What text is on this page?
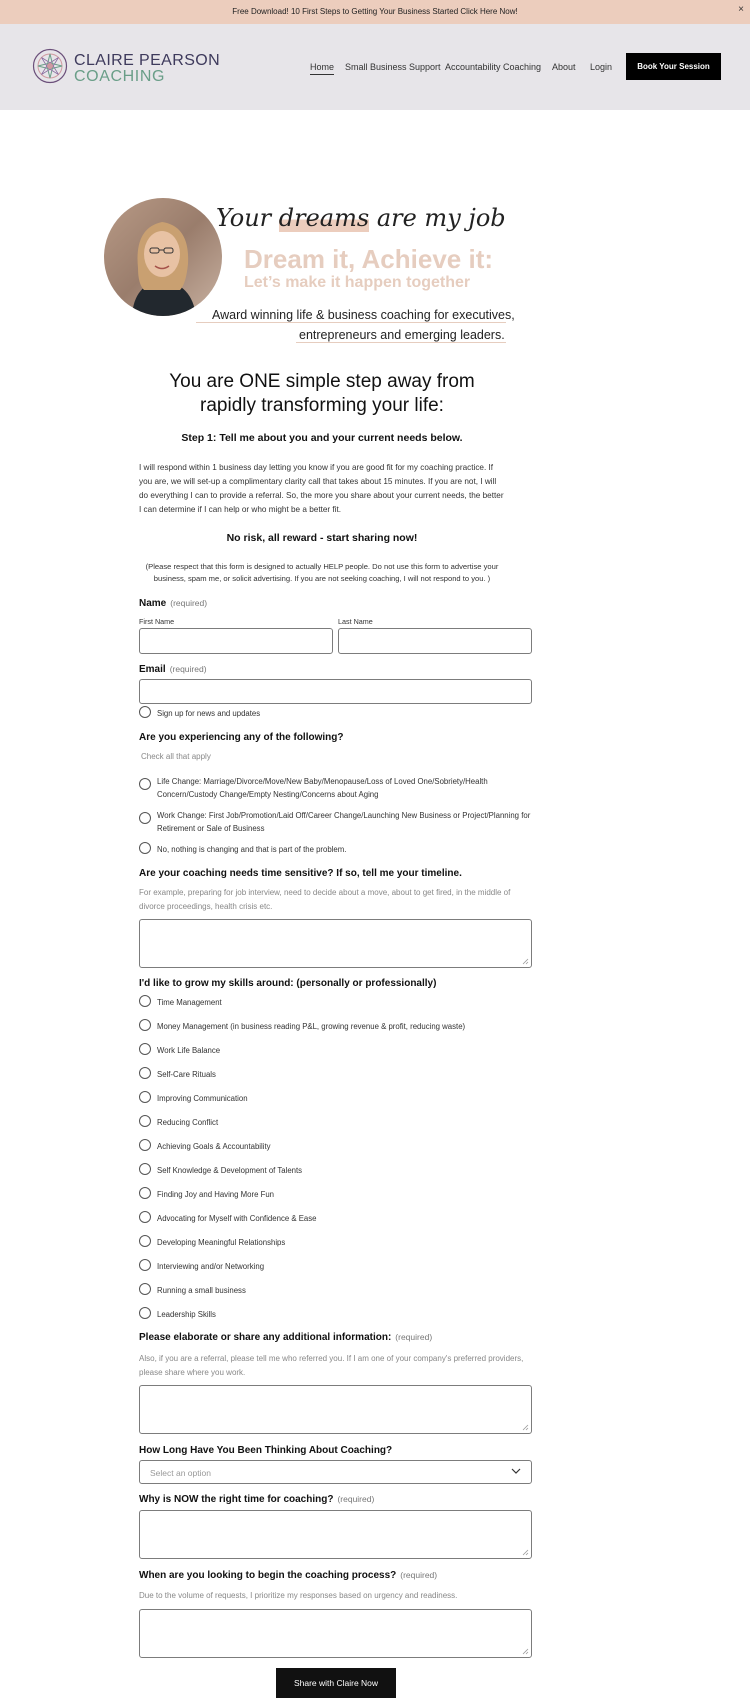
Free Download! 10 First Steps to Getting Your Business Started Click Here Now!	×
CLAIRE PEARSON
COACHING
Home Small Business Support Accountability Coaching About Login	Book Your Session
Your dreams are my job
Dream it, Achieve it:
Let’s make it happen together
Award winning life & business coaching for executives,
entrepreneurs and emerging leaders.
You are ONE simple step away from
rapidly transforming your life:
Step 1: Tell me about you and your current needs below.
I will respond within 1 business day letting you know if you are good fit for my coaching practice. If you are, we will set-up a complimentary clarity call that takes about 15 minutes. If you are not, I will do everything I can to provide a referral. So, the more you share about your current needs, the better I can determine if I can help or who might be a better fit.
No risk, all reward - start sharing now!
(Please respect that this form is designed to actually HELP people. Do not use this form to advertise your business, spam me, or solicit advertising. If you are not seeking coaching, I will not respond to you. )
Name (required)
First Name	Last Name
Email (required)
Sign up for news and updates
Are you experiencing any of the following?
Check all that apply
Life Change: Marriage/Divorce/Move/New Baby/Menopause/Loss of Loved One/Sobriety/Health Concern/Custody Change/Empty Nesting/Concerns about Aging
Work Change: First Job/Promotion/Laid Off/Career Change/Launching New Business or Project/Planning for Retirement or Sale of Business
No, nothing is changing and that is part of the problem.
Are your coaching needs time sensitive? If so, tell me your timeline.
For example, preparing for job interview, need to decide about a move, about to get fired, in the middle of divorce proceedings, health crisis etc.
I'd like to grow my skills around: (personally or professionally)
Time Management
Money Management (in business reading P&L, growing revenue & profit, reducing waste)
Work Life Balance
Self-Care Rituals
Improving Communication
Reducing Conflict
Achieving Goals & Accountability
Self Knowledge & Development of Talents
Finding Joy and Having More Fun
Advocating for Myself with Confidence & Ease
Developing Meaningful Relationships
Interviewing and/or Networking
Running a small business
Leadership Skills
Please elaborate or share any additional information: (required)
Also, if you are a referral, please tell me who referred you. If I am one of your company's preferred providers, please share where you work.
How Long Have You Been Thinking About Coaching?
Select an option
Why is NOW the right time for coaching? (required)
When are you looking to begin the coaching process? (required)
Due to the volume of requests, I prioritize my responses based on urgency and readiness.
Share with Claire Now
